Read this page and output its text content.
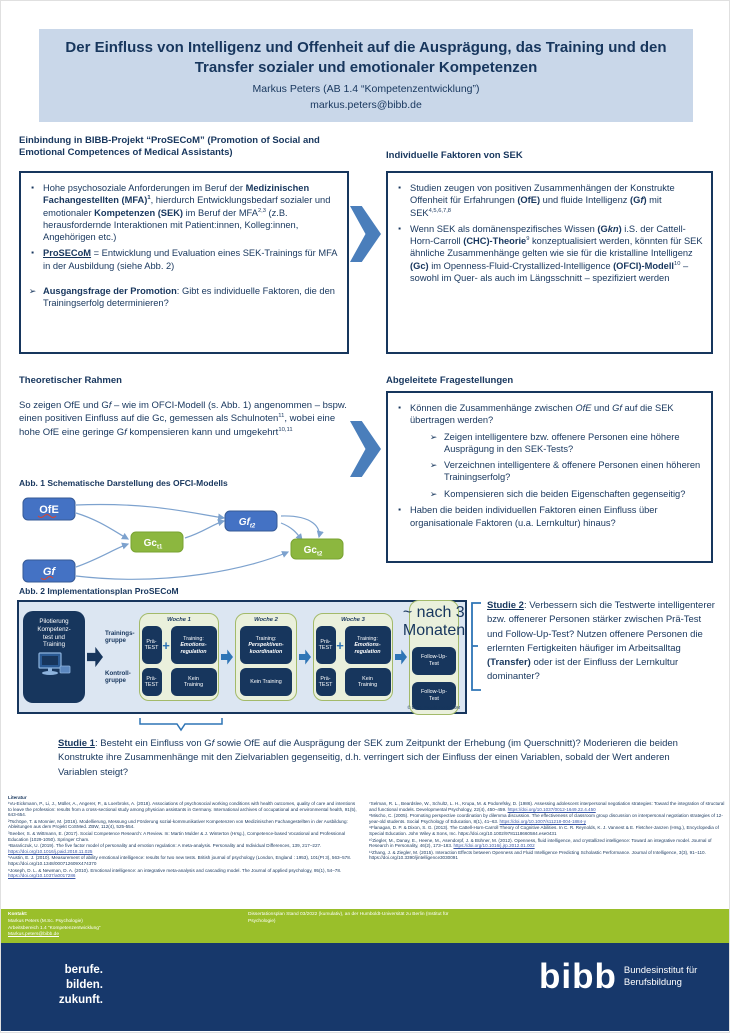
Der Einfluss von Intelligenz und Offenheit auf die Ausprägung, das Training und den
Transfer sozialer und emotionaler Kompetenzen
Markus Peters (AB 1.4 “Kompetenzentwicklung”)
markus.peters@bibb.de
Einbindung in BIBB-Projekt “ProSECoM” (Promotion of Social and Emotional Competences of Medical Assistants)
▪ Hohe psychosoziale Anforderungen im Beruf der Medizinischen Fachangestellten (MFA)$^1$, hierdurch Entwicklungsbedarf sozialer und emotionaler Kompetenzen (SEK) im Beruf der MFA$^{2,3}$ (z.B. herausfordernde Interaktionen mit Patient:innen, Kolleg:innen, Angehörigen etc.)
▪ ProSECoM = Entwicklung und Evaluation eines SEK-Trainings für MFA in der Ausbildung (siehe Abb. 2)
➢ Ausgangsfrage der Promotion: Gibt es individuelle Faktoren, die den Trainingserfolg determinieren?
Individuelle Faktoren von SEK
▪ Studien zeugen von positiven Zusammenhängen der Konstrukte Offenheit für Erfahrungen (OfE) und fluide Intelligenz (Gf) mit SEK$^{4,5,6,7,8}$
▪ Wenn SEK als domänenspezifisches Wissen (Gkn) i.S. der Cattell-Horn-Carroll (CHC)-Theorie$^9$ konzeptualisiert werden, könnten für SEK ähnliche Zusammenhänge gelten wie sie für die kristalline Intelligenz (Gc) im Openness-Fluid-Crystallized-Intelligence (OFCI)-Modell$^{10}$ – sowohl im Quer- als auch im Längsschnitt – spezifiziert werden
Theoretischer Rahmen
So zeigen OfE und Gf – wie im OFCI-Modell (s. Abb. 1) angenommen – bspw. einen positiven Einfluss auf die Gc, gemessen als Schulnoten$^{11}$, wobei eine hohe OfE eine geringe Gf kompensieren kann und umgekehrt$^{10,11}$
Abb. 1 Schematische Darstellung des OFCI-Modells
OfE
Gf
$Gc_{t1}$
$Gf_{t2}$
$Gc_{t2}$
Abgeleitete Fragestellungen
▪ Können die Zusammenhänge zwischen OfE und Gf auf die SEK übertragen werden?
➢ Zeigen intelligentere bzw. offenere Personen eine höhere Ausprägung in den SEK-Tests?
➢ Verzeichnen intelligentere & offenere Personen einen höheren Trainingserfolg?
➢ Kompensieren sich die beiden Eigenschaften gegenseitig?
▪ Haben die beiden individuellen Faktoren einen Einfluss über organisationale Faktoren (u.a. Lernkultur) hinaus?
Abb. 2 Implementationsplan ProSECoM
Pilotierung
Kompetenz-
test und
Training
Trainings-
gruppe
Kontroll-
gruppe
Woche 1
Prä-
TEST
+
Training:
Emotions-
regulation
Prä-
TEST
Kein
Training
Woche 2
Training:
Perspektiven-
koordination
Kein Training
Woche 3
Prä-
TEST
+
Training:
Emotions-
regulation
Prä-
TEST
Kein
Training
~ nach 3
Monaten
Follow-Up-
Test
Follow-Up-
Test
© BIBB, Projekt ProSECoM
Studie 2: Verbessern sich die Testwerte intelligenterer bzw. offenerer Personen stärker zwischen Prä-Test und Follow-Up-Test? Nutzen offenere Personen die erlernten Fertigkeiten häufiger im Arbeitsalltag (Transfer) oder ist der Einfluss der Lernkultur dominanter?
Studie 1: Besteht ein Einfluss von Gf sowie OfE auf die Ausprägung der SEK zum Zeitpunkt der Erhebung (im Querschnitt)? Moderieren die beiden Konstrukte ihre Zusammenhänge mit den Zielvariablen gegenseitig, d.h. verringert sich der Einfluss der einen Variablen, sobald der Wert anderen Variablen steigt?
Literatur

¹Vu-Eickmann, P., Li, J., Müller, A., Angerer, P., & Loerbroks, A. (2018). Associations of psychosocial working conditions with health outcomes, quality of care and intentions to leave the profession: results from a cross-sectional study among physician assistants in Germany. International archives of occupational and environmental health, 91(5), 643-654.

²Tschöpe, T. & Monnier, M. (2016). Modellierung, Messung und Förderung sozial-kommunikativer Kompetenzen von Medizinischen Fachangestellten in der Ausbildung: Ableitungen aus dem Projekt CoSMed. ZBW, 112(4), 525-554.

³Seeber, S. & Wittmann, E. (2017). Social Competence Research: A Review. In: Martin Mulder & J. Winterton (Hrsg.), Competence-based Vocational and Professional Education (1029-1050). Springer Cham.

⁴Barańczuk, U. (2019). The five factor model of personality and emotion regulation: A meta-analysis. Personality and Individual Differences, 139, 217–227. https://doi.org/10.1016/j.paid.2018.11.025

⁵Austin, E. J. (2010). Measurement of ability emotional intelligence: results for two new tests. British journal of psychology (London, England : 1953), 101(Pt 3), 563–578. https://doi.org/10.1348/000712609X474370

⁶Joseph, D. L. & Newman, D. A. (2010). Emotional intelligence: an integrative meta-analysis and cascading model. The Journal of applied psychology, 95(1), 54–78. https://doi.org/10.1037/a0017286

⁷Selman, R. L., Beardslee, W., Schultz, L. H., Krupa, M. & Podorefsky, D. (1986). Assessing adolescent interpersonal negotiation strategies: Toward the integration of structural and functional models. Developmental Psychology, 22(4), 450–459. https://doi.org/10.1037/0012-1649.22.4.450

⁸Mischo, C. (2005). Promoting perspective coordination by dilemma discussion. The effectiveness of classroom group discussion on interpersonal negotiation strategies of 12-year-old students. Social Psychology of Education, 8(1), 41–63. https://doi.org/10.1007/s11218-004-1884-y

⁹Flanagan, D. P. & Dixon, S. G. (2013). The Cattell-Horn-Carroll Theory of Cognitive Abilities. In C. R. Reynolds, K. J. Vannest & E. Fletcher-Janzen (Hrsg.), Encyclopedia of Special Education. John Wiley & Sons, Inc. https://doi.org/10.1002/9781118660584.ese0431

¹⁰Ziegler, M., Danay, E., Heene, M., Asendorpf, J. & Bühner, M. (2012). Openness, fluid intelligence, and crystallized intelligence: Toward an integrative model. Journal of Research in Personality, 46(2), 173–183. https://doi.org/10.1016/j.jrp.2012.01.002

¹¹Zhang, J. & Ziegler, M. (2015). Interaction Effects between Openness and Fluid Intelligence Predicting Scholastic Performance. Journal of Intelligence, 3(3), 91–110. https://doi.org/10.3390/jintelligence3030091

Kontakt:
Markus Peters (M.Sc. Psychologie)
Arbeitsbereich 1.4 “Kompetenzentwicklung”
Markus.peters@bibb.de
Dissertationsplan Stand 03/2022 (kumulativ), an der Humboldt-Universität zu Berlin (Institut für Psychologie)
berufe.
bilden.
zukunft.
bibb Bundesinstitut für
Berufsbildung
